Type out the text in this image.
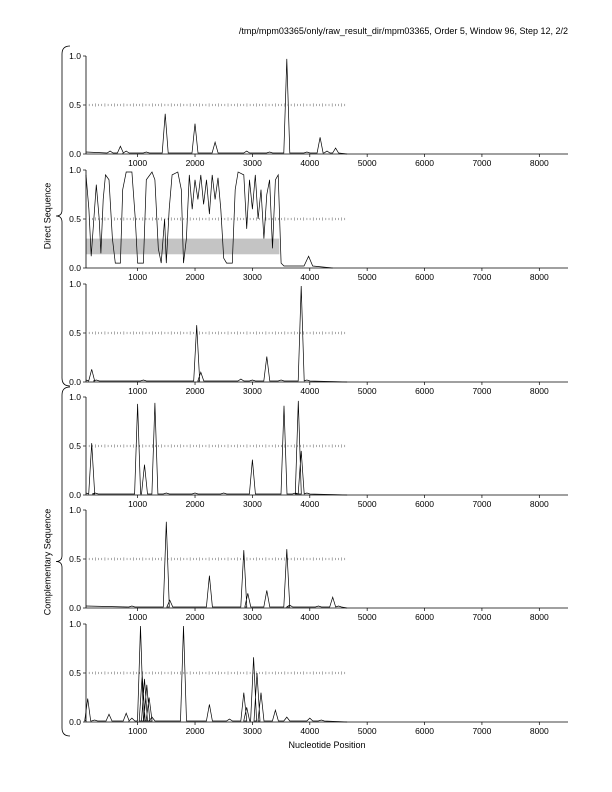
/tmp/mpm03365/only/raw_result_dir/mpm03365, Order 5, Window 96, Step 12, 2/2
0.0
0.5
1.0
1000	2000	3000	4000	5000	6000	7000	8000
0.0
0.5
1.0
1000	2000	3000	4000	5000	6000	7000	8000
0.0
0.5
1.0
1000	2000	3000	4000	5000	6000	7000	8000
0.0
0.5
1.0
1000	2000	3000	4000	5000	6000	7000	8000
0.0
0.5
1.0
1000	2000	3000	4000	5000	6000	7000	8000
0.0
0.5
1.0
1000	2000	3000	4000	5000	6000	7000	8000
Direct Sequence
Complementary Sequence
Nucleotide Position
